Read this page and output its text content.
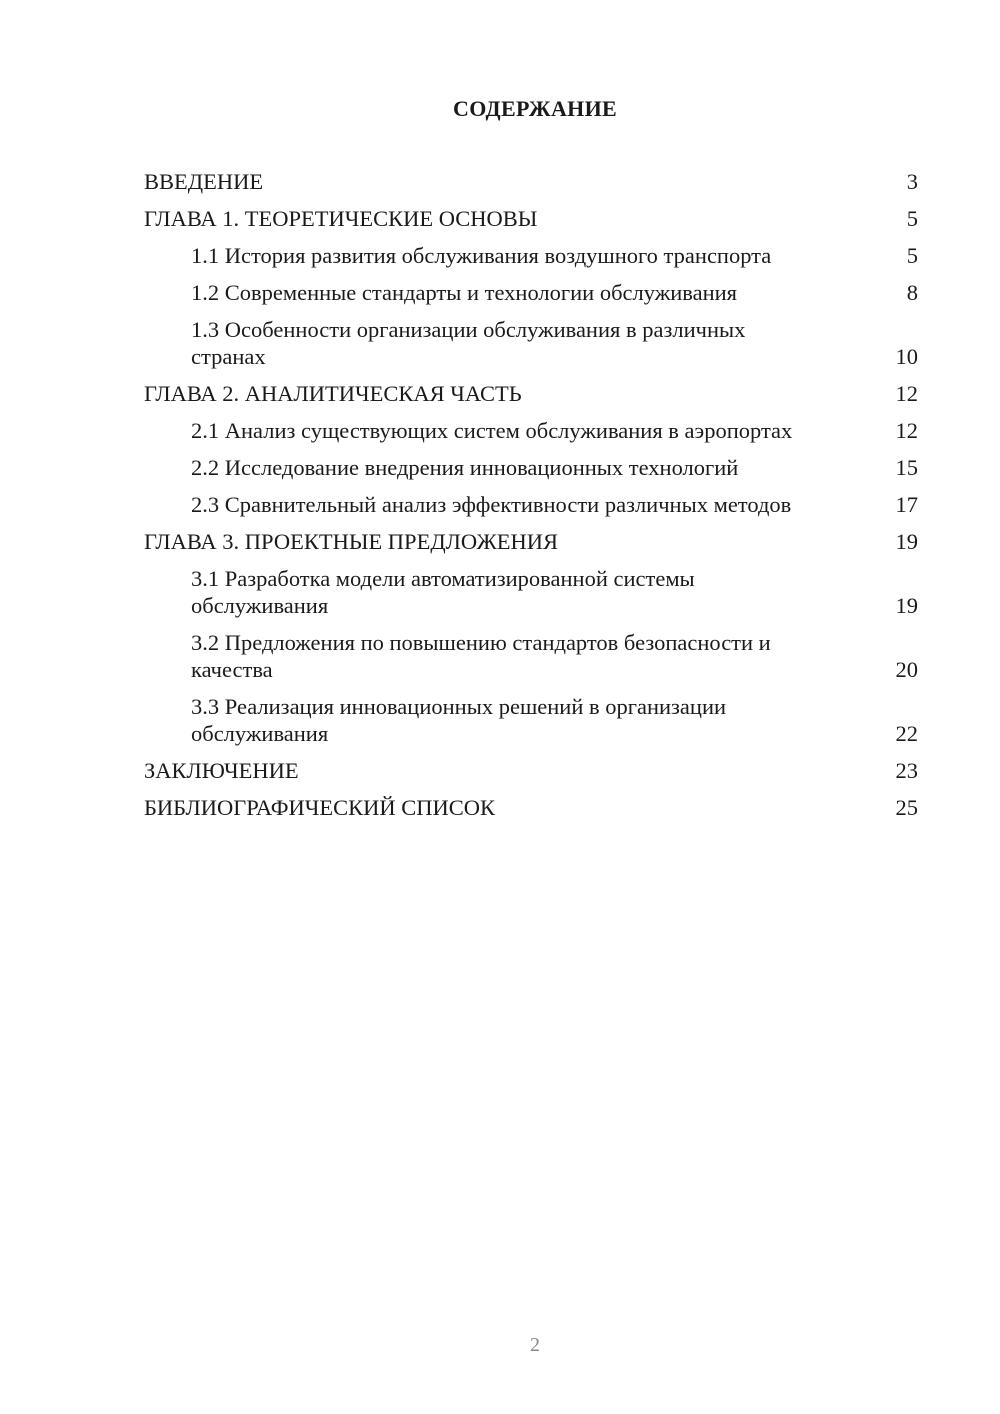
СОДЕРЖАНИЕ
ВВЕДЕНИЕ	3
ГЛАВА 1. ТЕОРЕТИЧЕСКИЕ ОСНОВЫ	5
1.1 История развития обслуживания воздушного транспорта	5
1.2 Современные стандарты и технологии обслуживания	8
1.3 Особенности организации обслуживания в различных странах	10
ГЛАВА 2. АНАЛИТИЧЕСКАЯ ЧАСТЬ	12
2.1 Анализ существующих систем обслуживания в аэропортах	12
2.2 Исследование внедрения инновационных технологий	15
2.3 Сравнительный анализ эффективности различных методов	17
ГЛАВА 3. ПРОЕКТНЫЕ ПРЕДЛОЖЕНИЯ	19
3.1 Разработка модели автоматизированной системы обслуживания	19
3.2 Предложения по повышению стандартов безопасности и качества	20
3.3 Реализация инновационных решений в организации обслуживания	22
ЗАКЛЮЧЕНИЕ	23
БИБЛИОГРАФИЧЕСКИЙ СПИСОК	25
2
